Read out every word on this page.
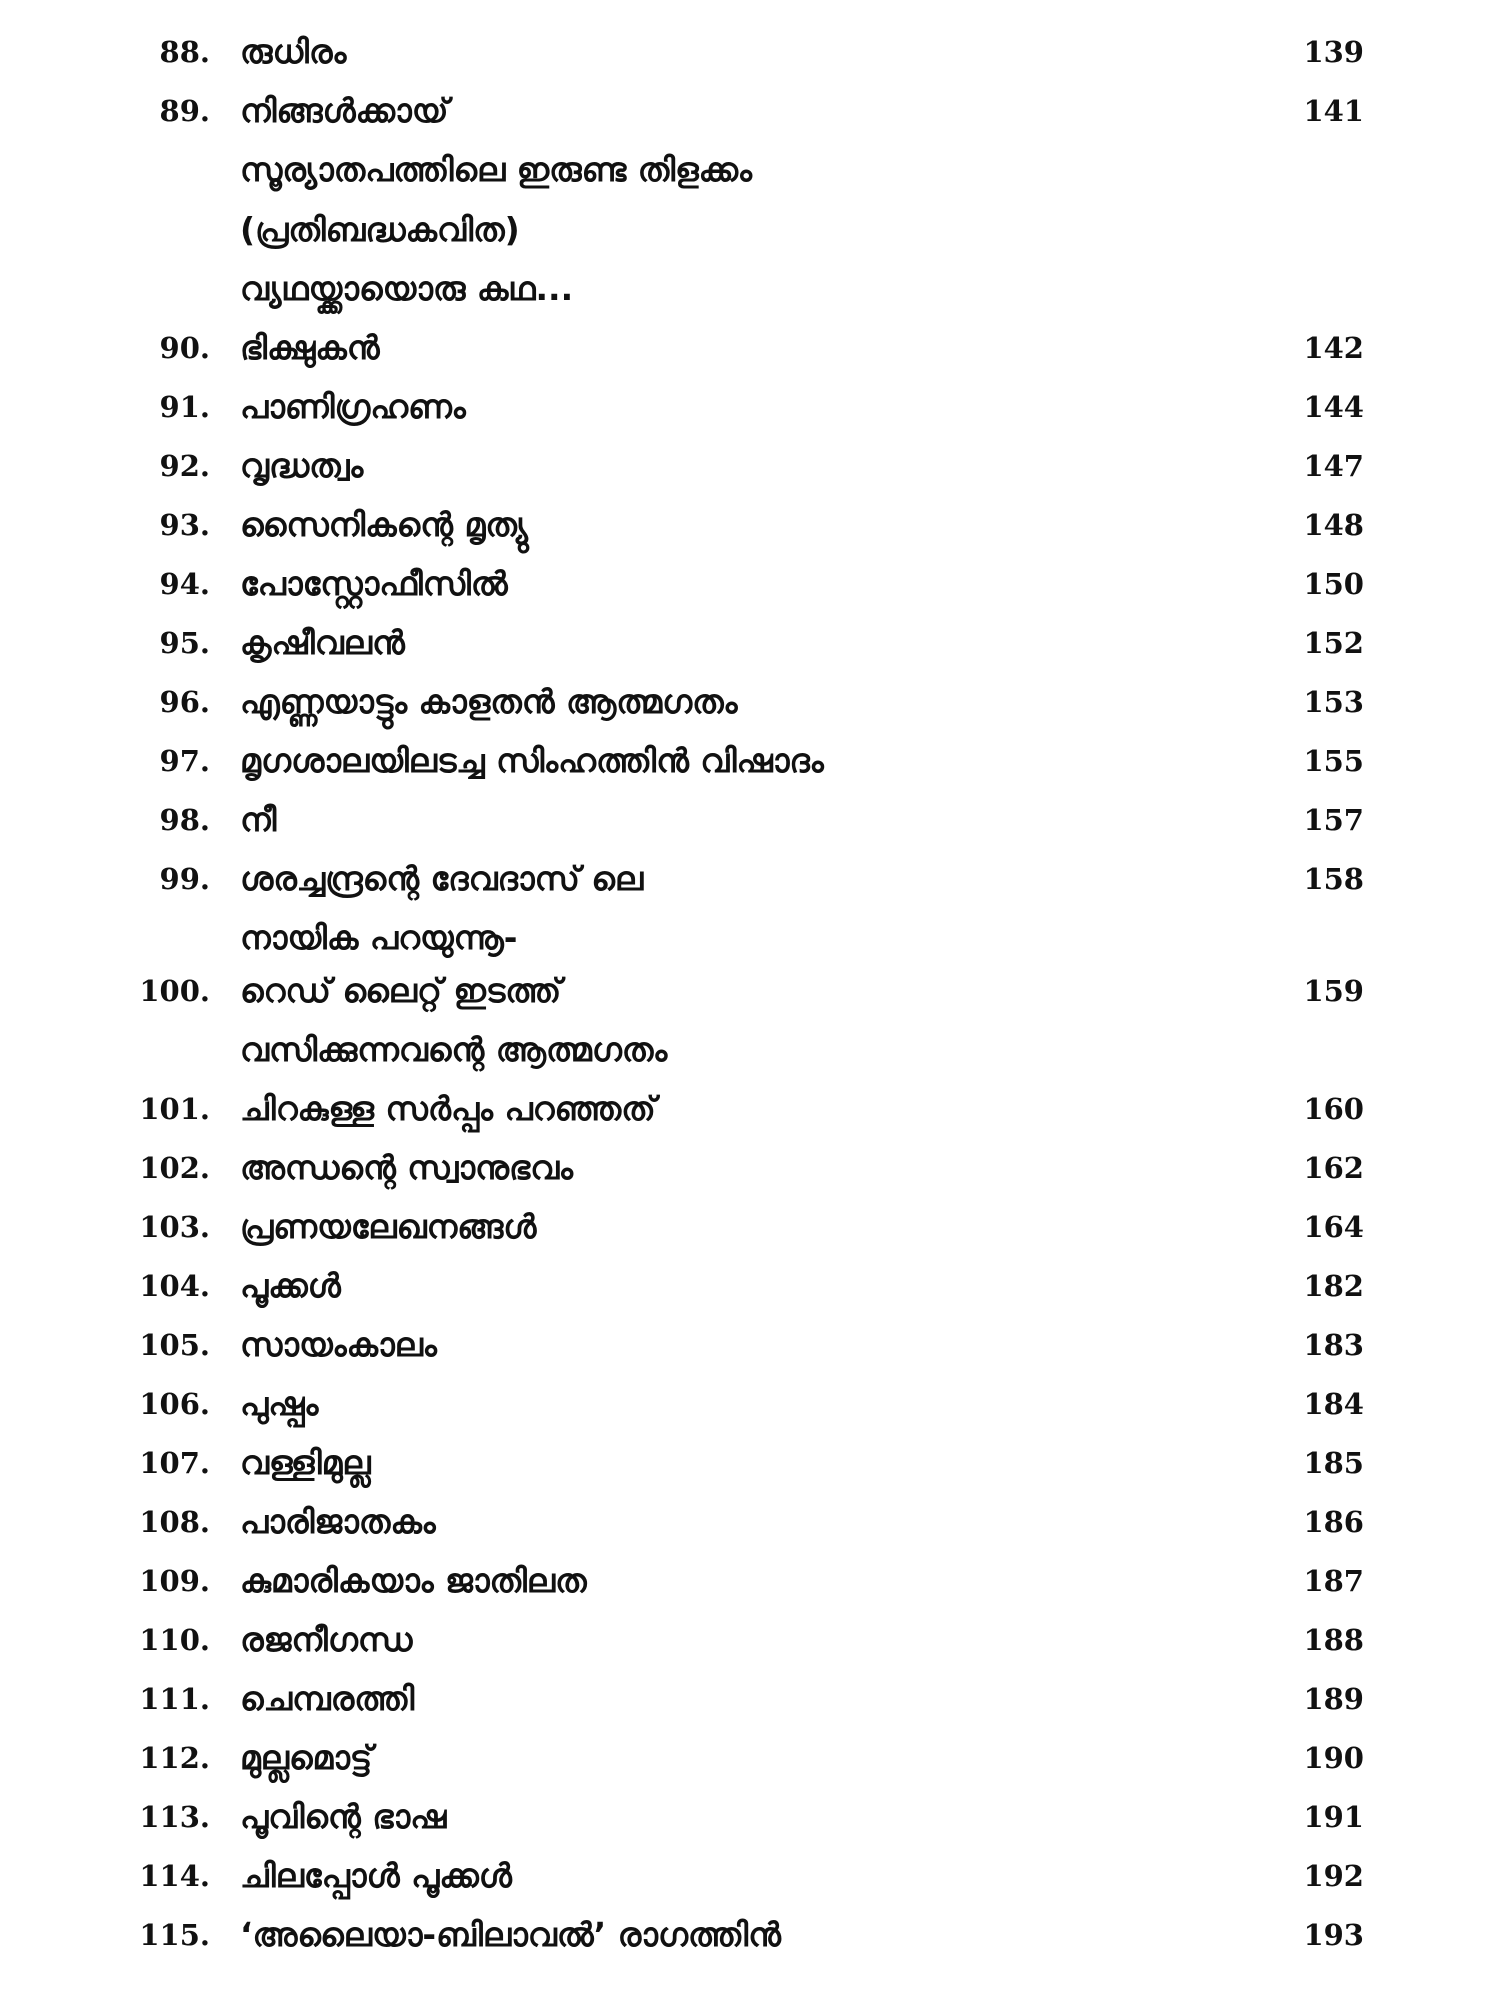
88. രുധിരം	139
89. നിങ്ങൾക്കായ്	141
സൂര്യാതപത്തിലെ ഇരുണ്ട തിളക്കം
(പ്രതിബദ്ധകവിത)
വ്യഥയ്ക്കായൊരു കഥ...
90. ഭിക്ഷുകൻ	142
91. പാണിഗ്രഹണം	144
92. വൃദ്ധത്വം	147
93. സൈനികന്റെ മൃത്യു	148
94. പോസ്റ്റോഫീസിൽ	150
95. കൃഷീവലൻ	152
96. എണ്ണയാട്ടും കാളതൻ ആത്മഗതം	153
97. മൃഗശാലയിലടച്ച സിംഹത്തിൻ വിഷാദം	155
98. നീ	157
99. ശരച്ചന്ദ്രന്റെ ദേവദാസ് ലെ	158
നായിക പറയുന്നൂ-
100. റെഡ് ലൈറ്റ് ഇടത്ത്	159
വസിക്കുന്നവന്റെ ആത്മഗതം
101. ചിറകുള്ള സർപ്പം പറഞ്ഞത്	160
102. അന്ധന്റെ സ്വാനുഭവം	162
103. പ്രണയലേഖനങ്ങൾ	164
104. പൂക്കൾ	182
105. സായംകാലം	183
106. പുഷ്പം	184
107. വള്ളിമുല്ല	185
108. പാരിജാതകം	186
109. കുമാരികയാം ജാതിലത	187
110. രജനീഗന്ധ	188
111. ചെമ്പരത്തി	189
112. മുല്ലമൊട്ട്	190
113. പൂവിന്റെ ഭാഷ	191
114. ചിലപ്പോൾ പൂക്കൾ	192
115. ‘അലൈയാ-ബിലാവൽ’ രാഗത്തിൻ	193
